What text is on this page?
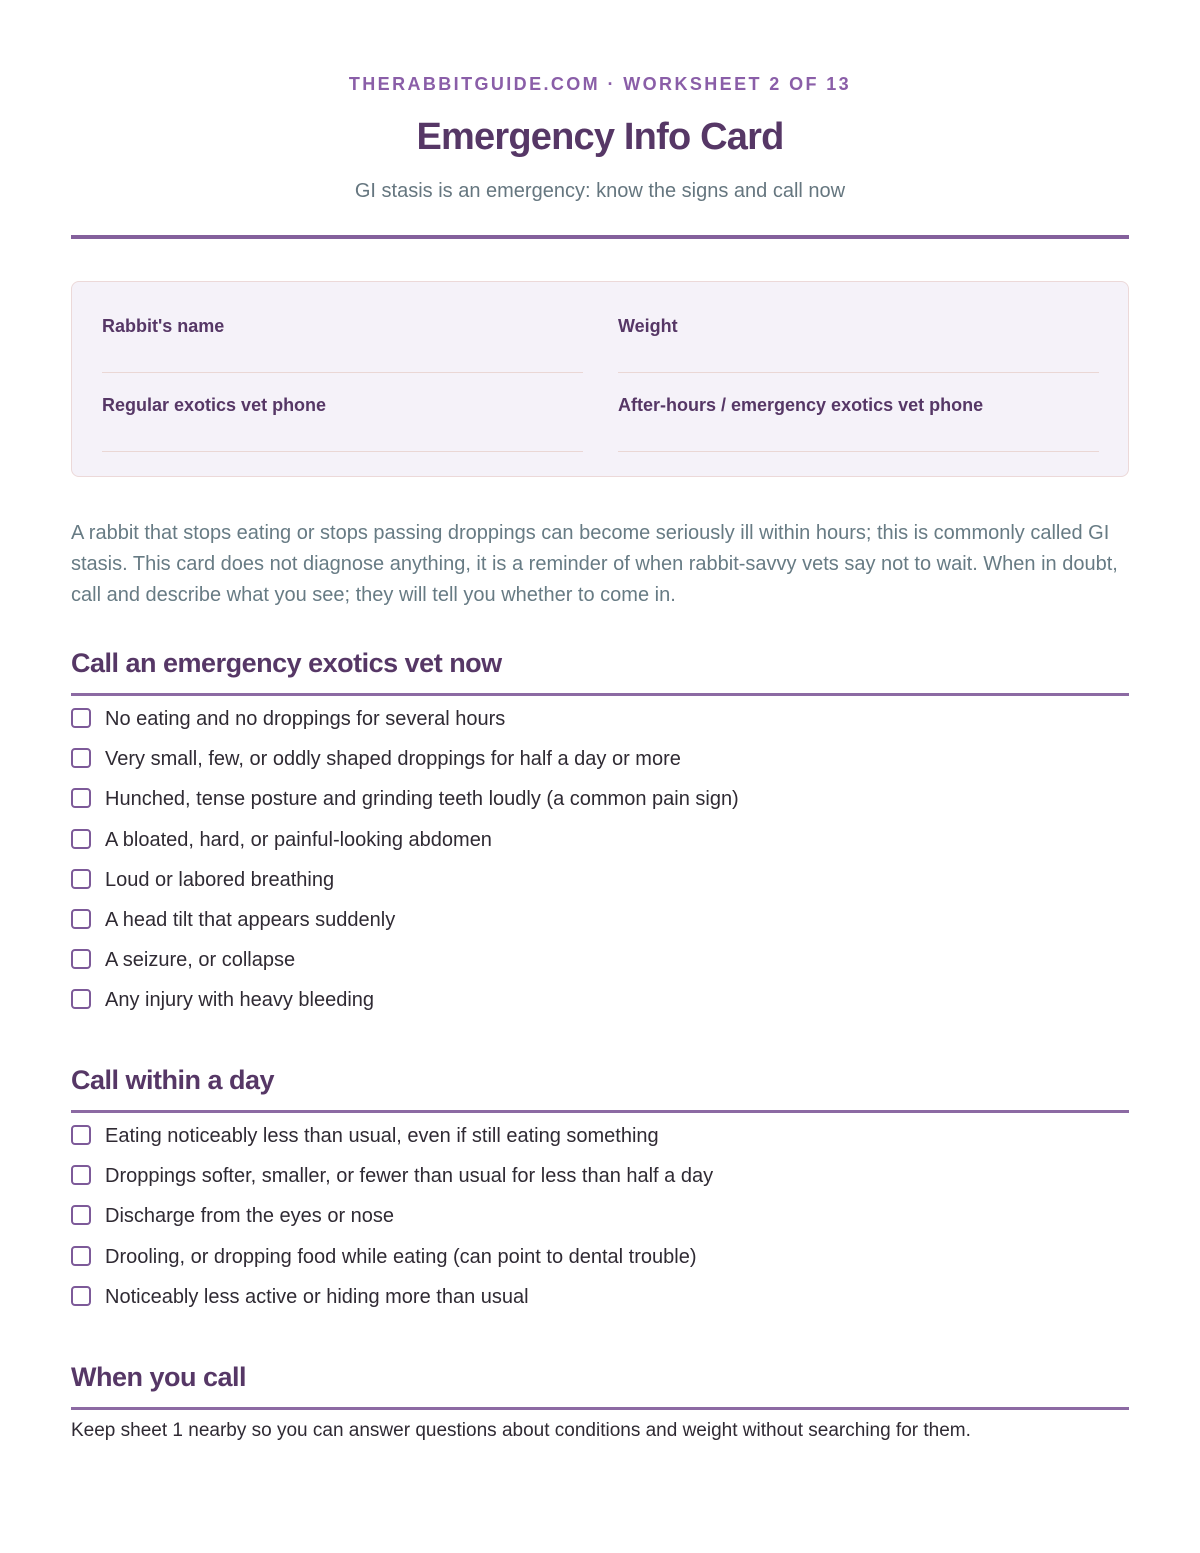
THERABBITGUIDE.COM · WORKSHEET 2 OF 13
Emergency Info Card
GI stasis is an emergency: know the signs and call now
Rabbit's name	Weight
Regular exotics vet phone	After-hours / emergency exotics vet phone
A rabbit that stops eating or stops passing droppings can become seriously ill within hours; this is commonly called GI stasis. This card does not diagnose anything, it is a reminder of when rabbit-savvy vets say not to wait. When in doubt, call and describe what you see; they will tell you whether to come in.
Call an emergency exotics vet now
No eating and no droppings for several hours
Very small, few, or oddly shaped droppings for half a day or more
Hunched, tense posture and grinding teeth loudly (a common pain sign)
A bloated, hard, or painful-looking abdomen
Loud or labored breathing
A head tilt that appears suddenly
A seizure, or collapse
Any injury with heavy bleeding
Call within a day
Eating noticeably less than usual, even if still eating something
Droppings softer, smaller, or fewer than usual for less than half a day
Discharge from the eyes or nose
Drooling, or dropping food while eating (can point to dental trouble)
Noticeably less active or hiding more than usual
When you call
Keep sheet 1 nearby so you can answer questions about conditions and weight without searching for them.
